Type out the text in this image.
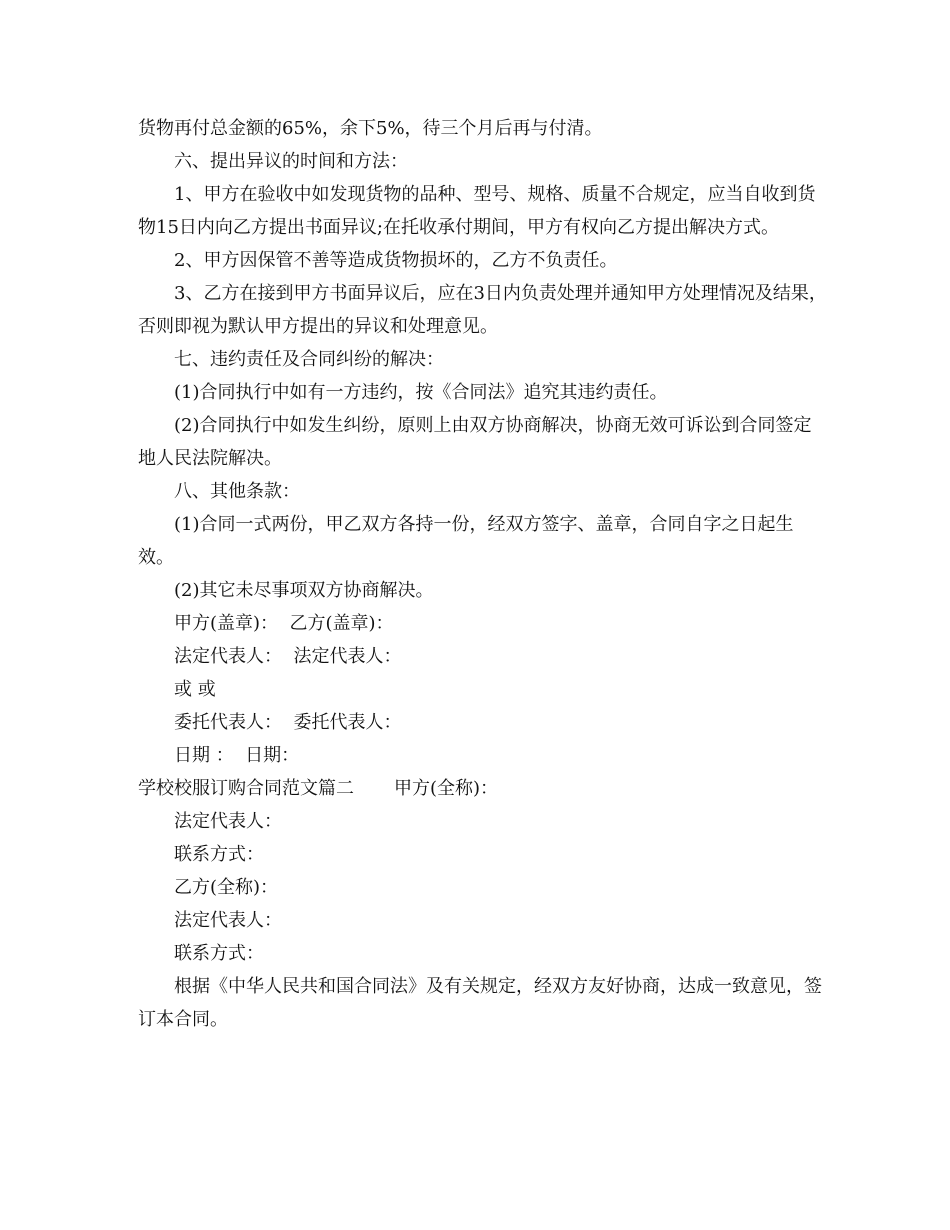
货物再付总金额的65%，余下5%，待三个月后再与付清。

六、提出异议的时间和方法：

1、甲方在验收中如发现货物的品种、型号、规格、质量不合规定，应当自收到货物15日内向乙方提出书面异议;在托收承付期间，甲方有权向乙方提出解决方式。

2、甲方因保管不善等造成货物损坏的，乙方不负责任。

3、乙方在接到甲方书面异议后，应在3日内负责处理并通知甲方处理情况及结果，否则即视为默认甲方提出的异议和处理意见。

七、违约责任及合同纠纷的解决：

(1)合同执行中如有一方违约，按《合同法》追究其违约责任。

(2)合同执行中如发生纠纷，原则上由双方协商解决，协商无效可诉讼到合同签定地人民法院解决。

八、其他条款：

(1)合同一式两份，甲乙双方各持一份，经双方签字、盖章，合同自字之日起生效。

(2)其它未尽事项双方协商解决。

甲方(盖章)：  乙方(盖章)：

法定代表人：  法定代表人：

或 或

委托代表人：  委托代表人：

日期 ：  日期：

学校校服订购合同范文篇二 甲方(全称)：

法定代表人：

联系方式：

乙方(全称)：

法定代表人：

联系方式：

根据《中华人民共和国合同法》及有关规定，经双方友好协商，达成一致意见，签订本合同。
